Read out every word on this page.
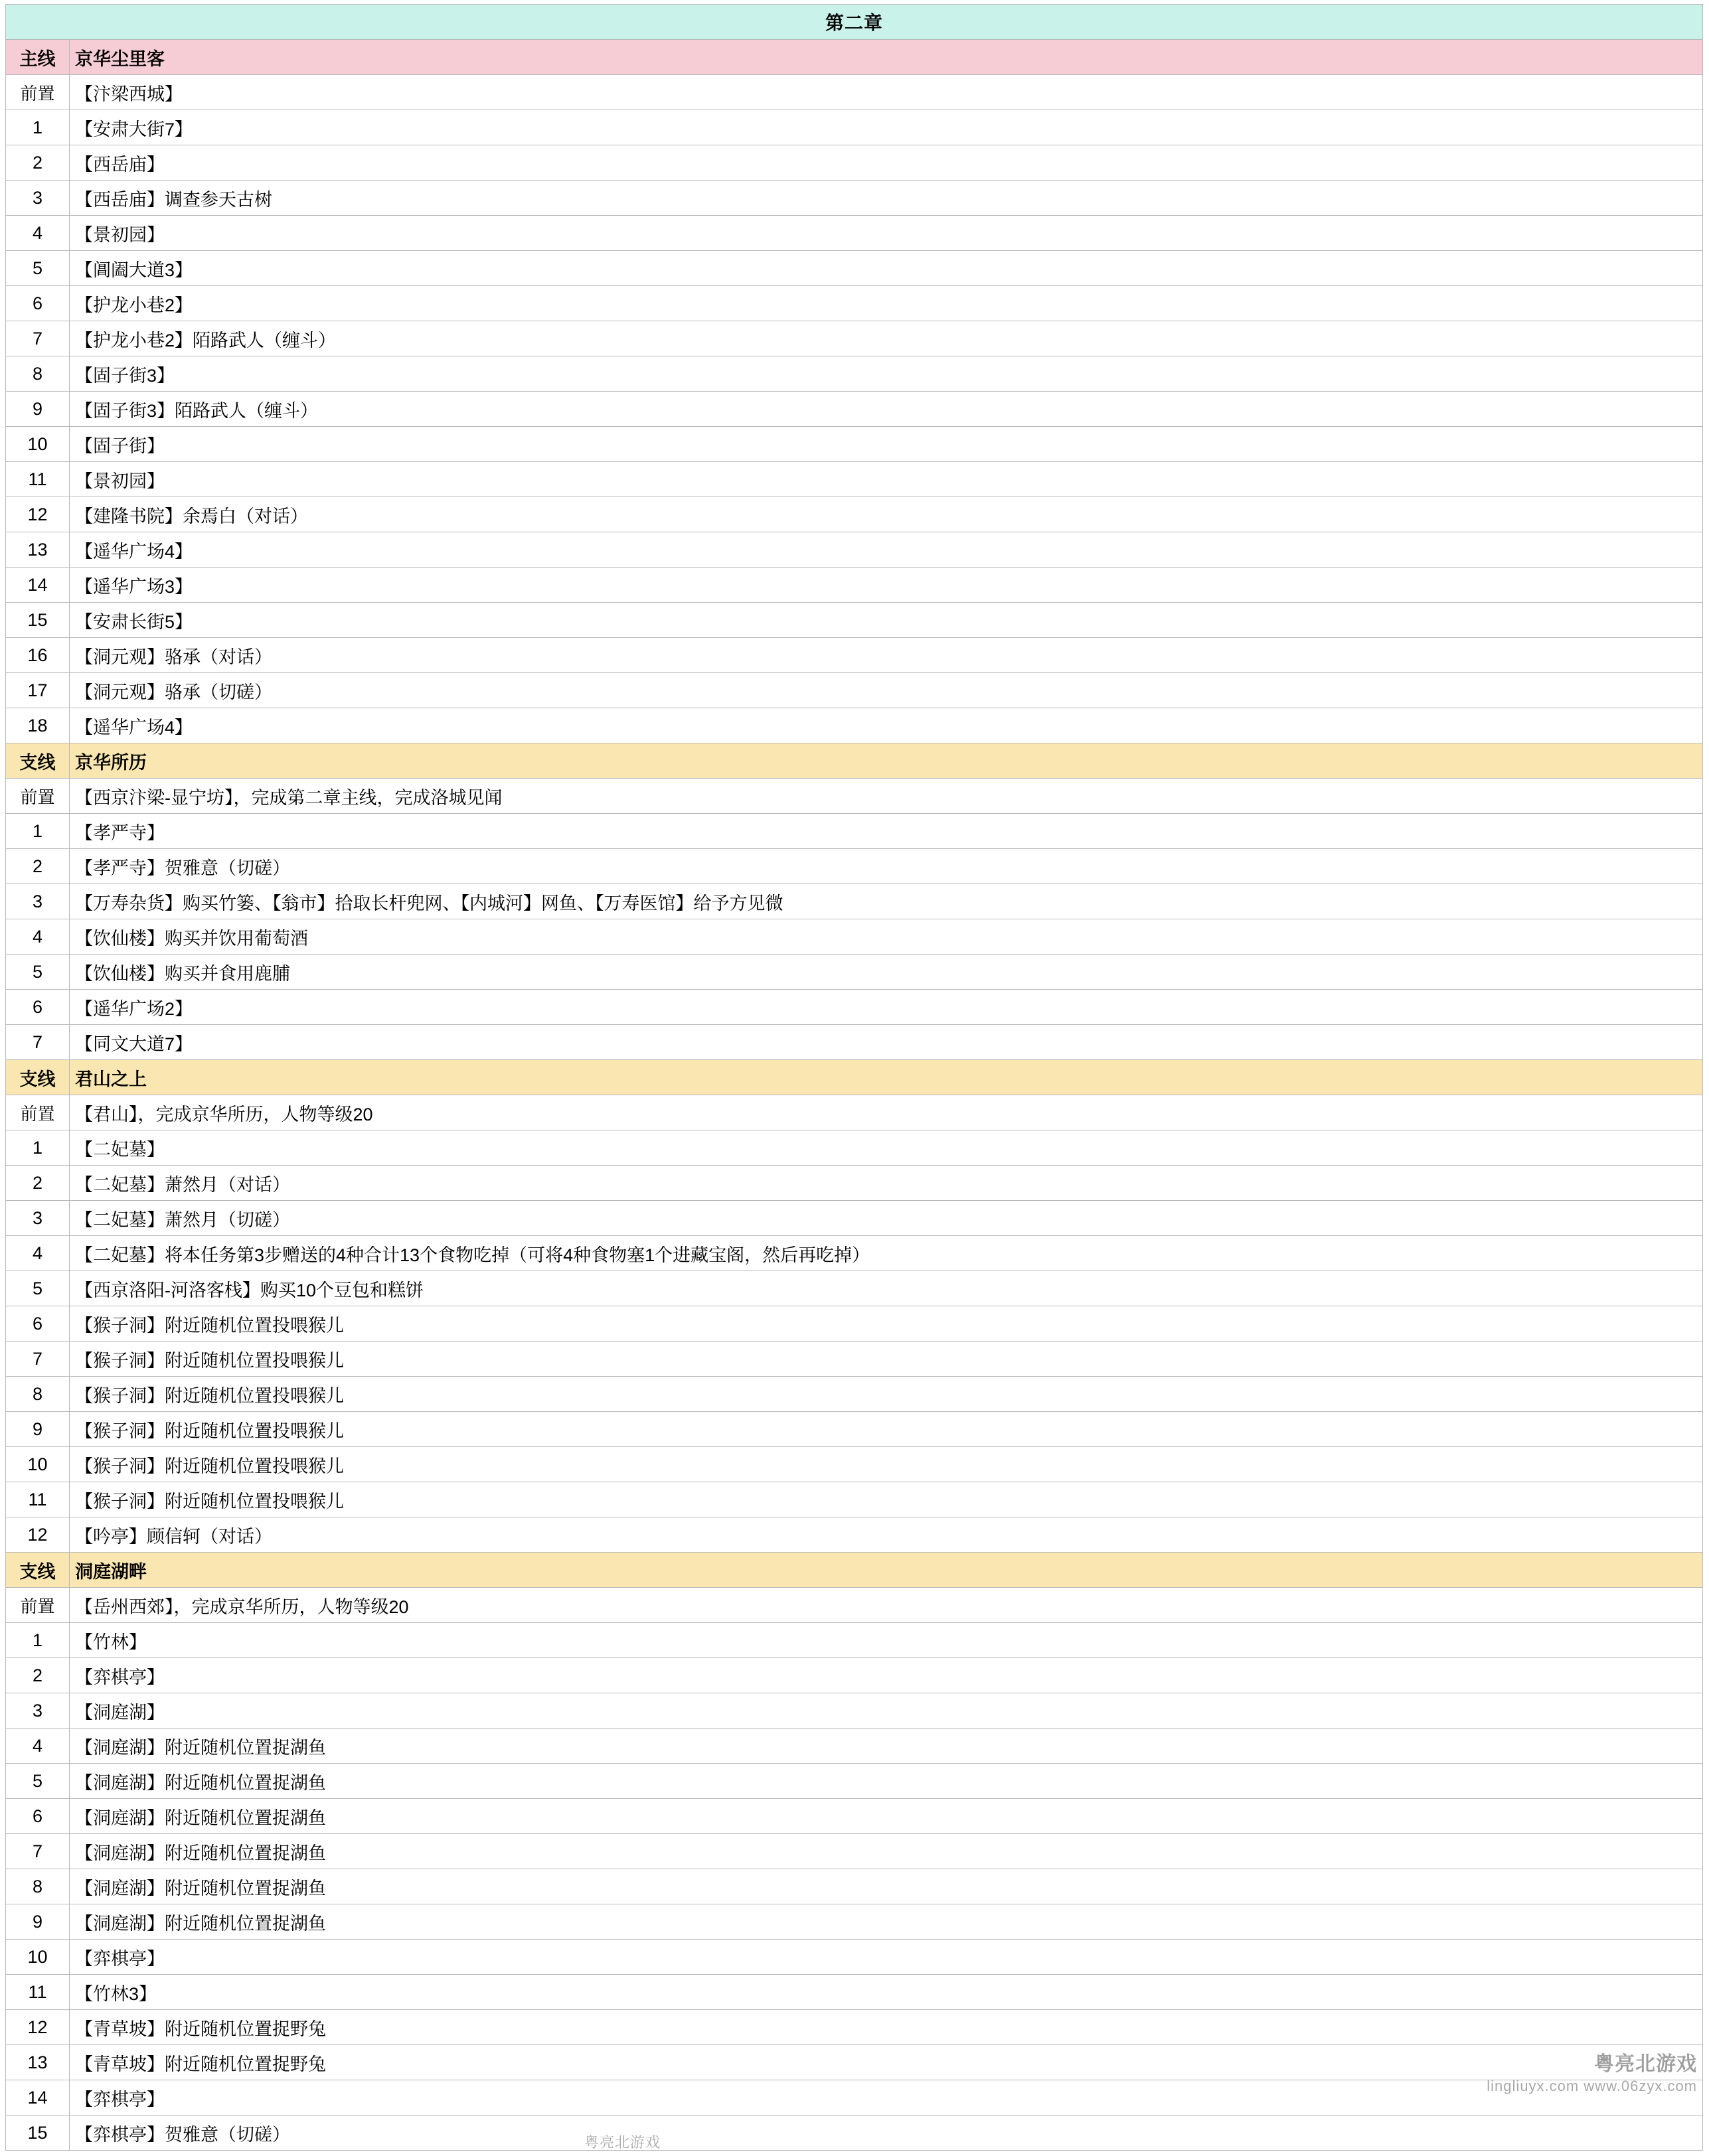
第二章	
主线	京华尘里客
前置	【汴梁西城】
1	【安肃大街7】
2	【西岳庙】
3	【西岳庙】调查参天古树
4	【景初园】
5	【阊阖大道3】
6	【护龙小巷2】
7	【护龙小巷2】陌路武人（缠斗）
8	【固子街3】
9	【固子街3】陌路武人（缠斗）
10	【固子街】
11	【景初园】
12	【建隆书院】余焉白（对话）
13	【遥华广场4】
14	【遥华广场3】
15	【安肃长街5】
16	【洞元观】骆承（对话）
17	【洞元观】骆承（切磋）
18	【遥华广场4】
支线	京华所历
前置	【西京汴梁-显宁坊】，完成第二章主线，完成洛城见闻
1	【孝严寺】
2	【孝严寺】贺雅意（切磋）
3	【万寿杂货】购买竹篓、【翁市】拾取长杆兜网、【内城河】网鱼、【万寿医馆】给予方见微
4	【饮仙楼】购买并饮用葡萄酒
5	【饮仙楼】购买并食用鹿脯
6	【遥华广场2】
7	【同文大道7】
支线	君山之上
前置	【君山】，完成京华所历，人物等级20
1	【二妃墓】
2	【二妃墓】萧然月（对话）
3	【二妃墓】萧然月（切磋）
4	【二妃墓】将本任务第3步赠送的4种合计13个食物吃掉（可将4种食物塞1个进藏宝阁，然后再吃掉）
5	【西京洛阳-河洛客栈】购买10个豆包和糕饼
6	【猴子洞】附近随机位置投喂猴儿
7	【猴子洞】附近随机位置投喂猴儿
8	【猴子洞】附近随机位置投喂猴儿
9	【猴子洞】附近随机位置投喂猴儿
10	【猴子洞】附近随机位置投喂猴儿
11	【猴子洞】附近随机位置投喂猴儿
12	【吟亭】顾信轲（对话）
支线	洞庭湖畔
前置	【岳州西郊】，完成京华所历，人物等级20
1	【竹林】
2	【弈棋亭】
3	【洞庭湖】
4	【洞庭湖】附近随机位置捉湖鱼
5	【洞庭湖】附近随机位置捉湖鱼
6	【洞庭湖】附近随机位置捉湖鱼
7	【洞庭湖】附近随机位置捉湖鱼
8	【洞庭湖】附近随机位置捉湖鱼
9	【洞庭湖】附近随机位置捉湖鱼
10	【弈棋亭】
11	【竹林3】
12	【青草坡】附近随机位置捉野兔
13	【青草坡】附近随机位置捉野兔
14	【弈棋亭】
15	【弈棋亭】贺雅意（切磋）
粤亮北游戏
lingliuyx.com www.06zyx.com
粤亮北游戏
